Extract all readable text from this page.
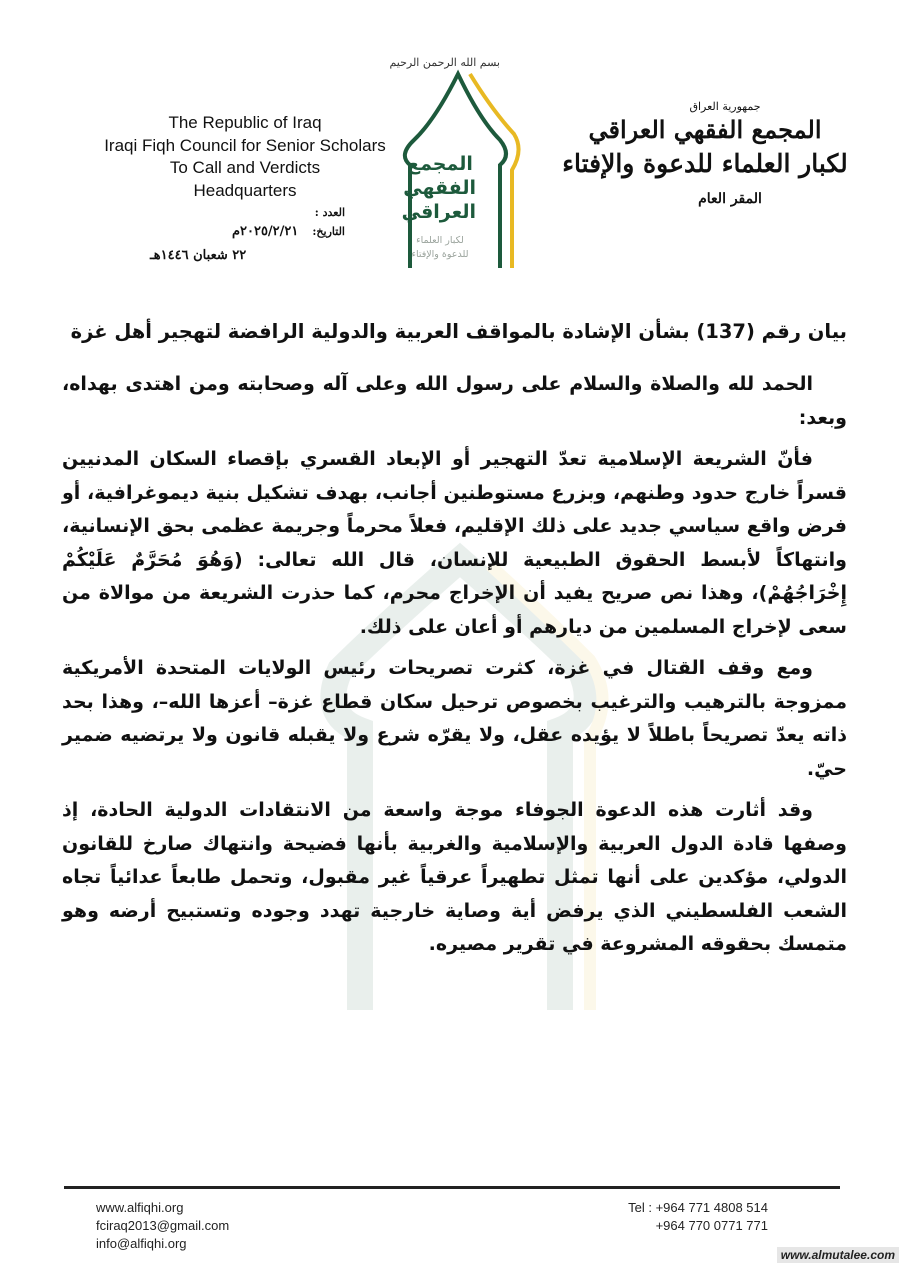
The Republic of Iraq
Iraqi Fiqh Council for Senior Scholars
To Call and Verdicts
Headquarters
العدد :
التاريخ:
٢٠٢٥/٢/٢١م
٢٢ شعبان ١٤٤٦هـ
بسم الله الرحمن الرحيم
المجمع
الفقهي
العراقي
لكبار العلماء
للدعوة والإفتاء
جمهورية العراق
المجمع الفقهي العراقي
لكبار العلماء للدعوة والإفتاء
المقر العام
بيان رقم (137) بشأن الإشادة بالمواقف العربية والدولية الرافضة لتهجير أهل غزة

الحمد لله والصلاة والسلام على رسول الله وعلى آله وصحابته ومن اهتدى بهداه، وبعد:

فأنّ الشريعة الإسلامية تعدّ التهجير أو الإبعاد القسري بإقصاء السكان المدنيين قسراً خارج حدود وطنهم، وبزرع مستوطنين أجانب، بهدف تشكيل بنية ديموغرافية، أو فرض واقع سياسي جديد على ذلك الإقليم، فعلاً محرماً وجريمة عظمى بحق الإنسانية، وانتهاكاً لأبسط الحقوق الطبيعية للإنسان، قال الله تعالى: (وَهُوَ مُحَرَّمٌ عَلَيْكُمْ إِخْرَاجُهُمْ)، وهذا نص صريح يفيد أن الإخراج محرم، كما حذرت الشريعة من موالاة من سعى لإخراج المسلمين من ديارهم أو أعان على ذلك.

ومع وقف القتال في غزة، كثرت تصريحات رئيس الولايات المتحدة الأمريكية ممزوجة بالترهيب والترغيب بخصوص ترحيل سكان قطاع غزة– أعزها الله–، وهذا بحد ذاته يعدّ تصريحاً باطلاً لا يؤيده عقل، ولا يقرّه شرع ولا يقبله قانون ولا يرتضيه ضمير حيّ.

وقد أثارت هذه الدعوة الجوفاء موجة واسعة من الانتقادات الدولية الحادة، إذ وصفها قادة الدول العربية والإسلامية والغربية بأنها فضيحة وانتهاك صارخ للقانون الدولي، مؤكدين على أنها تمثل تطهيراً عرقياً غير مقبول، وتحمل طابعاً عدائياً تجاه الشعب الفلسطيني الذي يرفض أية وصاية خارجية تهدد وجوده وتستبيح أرضه وهو متمسك بحقوقه المشروعة في تقرير مصيره.

www.alfiqhi.org
fciraq2013@gmail.com
info@alfiqhi.org
Tel : +964 771 4808 514
+964 770 0771 771
www.almutalee.com
